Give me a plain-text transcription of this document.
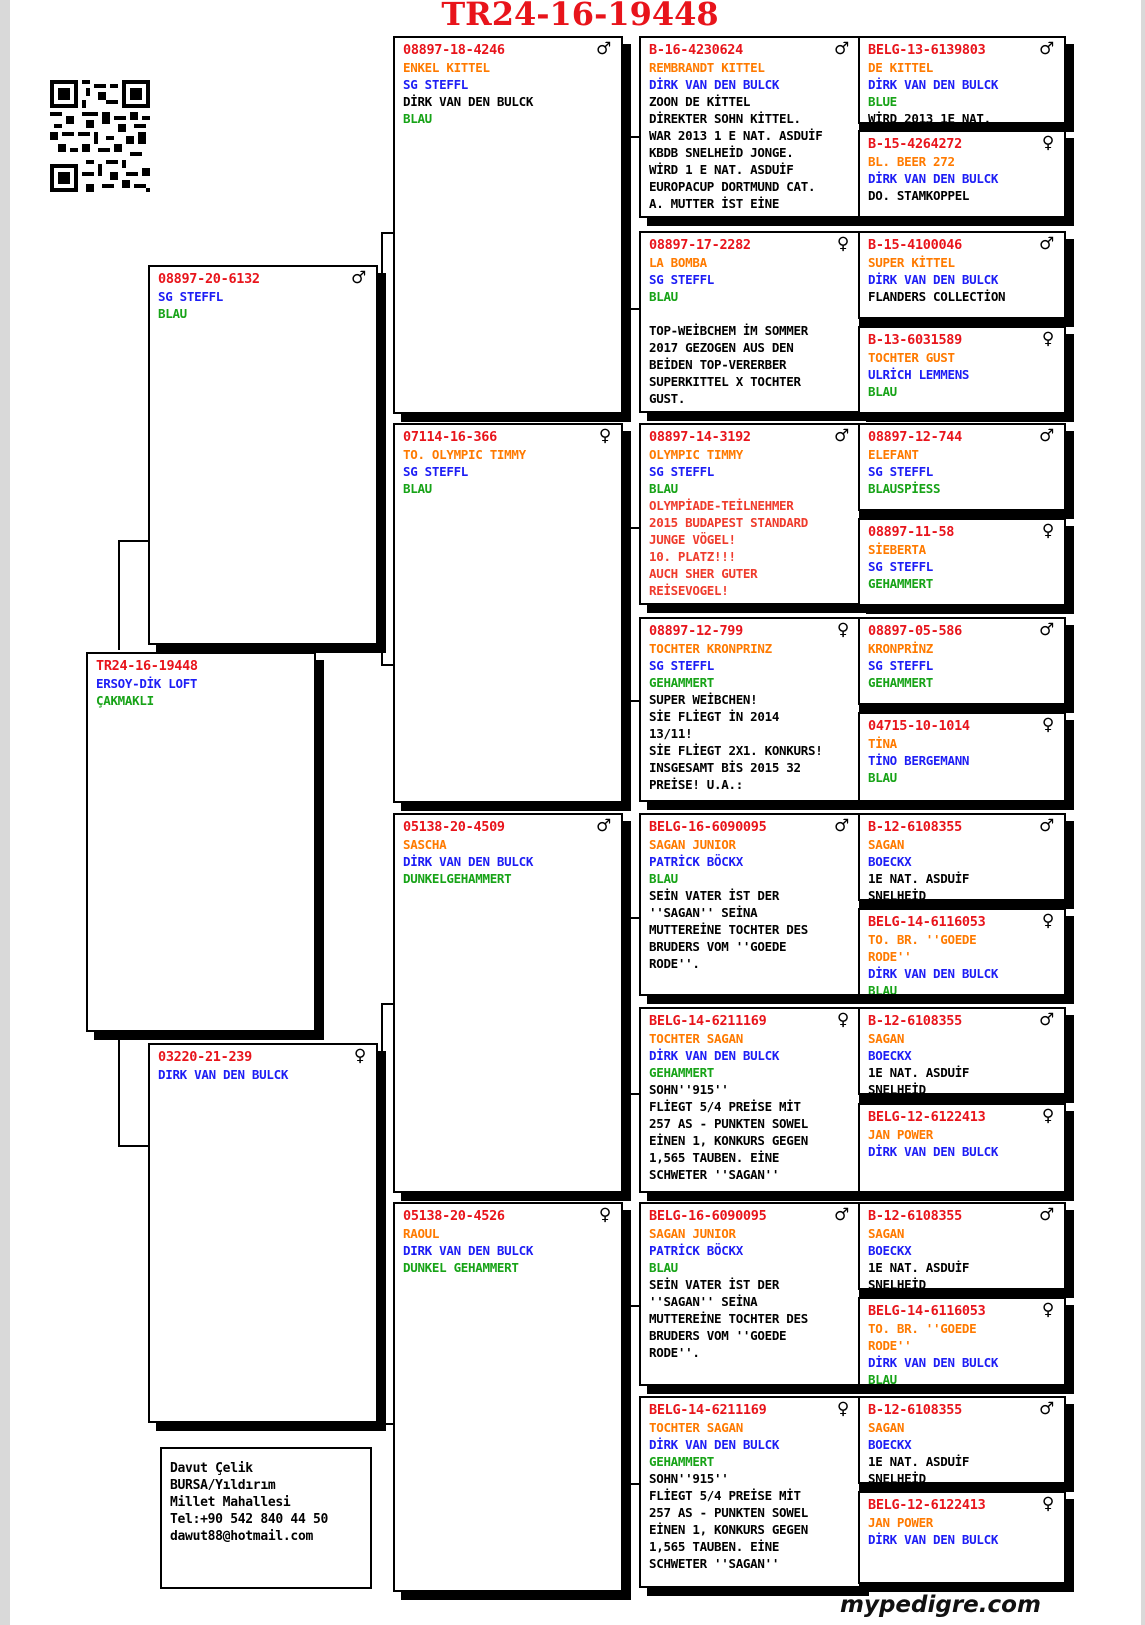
TR24-16-19448
TR24-16-19448
ERSOY-DİK LOFT
ÇAKMAKLI
♂
08897-20-6132
SG STEFFL
BLAU
♀
03220-21-239
DIRK VAN DEN BULCK
♂
08897-18-4246
ENKEL KITTEL
SG STEFFL
DİRK VAN DEN BULCK
BLAU
♀
07114-16-366
TO. OLYMPIC TIMMY
SG STEFFL
BLAU
♂
05138-20-4509
SASCHA
DİRK VAN DEN BULCK
DUNKELGEHAMMERT
♀
05138-20-4526
RAOUL
DIRK VAN DEN BULCK
DUNKEL GEHAMMERT
♂
B-16-4230624
REMBRANDT KITTEL
DİRK VAN DEN BULCK
ZOON DE KİTTEL
DİREKTER SOHN KİTTEL.
WAR 2013 1 E NAT. ASDUİF
KBDB SNELHEİD JONGE.
WİRD 1 E NAT. ASDUİF
EUROPACUP DORTMUND CAT.
A. MUTTER İST EİNE
♀
08897-17-2282
LA BOMBA
SG STEFFL
BLAU

TOP-WEİBCHEM İM SOMMER
2017 GEZOGEN AUS DEN
BEİDEN TOP-VERERBER
SUPERKITTEL X TOCHTER
GUST.
♂
08897-14-3192
OLYMPIC TIMMY
SG STEFFL
BLAU
OLYMPİADE-TEİLNEHMER
2015 BUDAPEST STANDARD
JUNGE VÖGEL!
10. PLATZ!!!
AUCH SHER GUTER
REİSEVOGEL!
♀
08897-12-799
TOCHTER KRONPRINZ
SG STEFFL
GEHAMMERT
SUPER WEİBCHEN!
SİE FLİEGT İN 2014
13/11!
SİE FLİEGT 2X1. KONKURS!
INSGESAMT BİS 2015 32
PREİSE! U.A.:
♂
BELG-16-6090095
SAGAN JUNIOR
PATRİCK BÖCKX
BLAU
SEİN VATER İST DER
''SAGAN'' SEİNA
MUTTEREİNE TOCHTER DES
BRUDERS VOM ''GOEDE
RODE''.
♀
BELG-14-6211169
TOCHTER SAGAN
DİRK VAN DEN BULCK
GEHAMMERT
SOHN''915''
FLİEGT 5/4 PREİSE MİT
257 AS - PUNKTEN SOWEL
EİNEN 1, KONKURS GEGEN
1,565 TAUBEN. EİNE
SCHWETER ''SAGAN''
♂
BELG-16-6090095
SAGAN JUNIOR
PATRİCK BÖCKX
BLAU
SEİN VATER İST DER
''SAGAN'' SEİNA
MUTTEREİNE TOCHTER DES
BRUDERS VOM ''GOEDE
RODE''.
♀
BELG-14-6211169
TOCHTER SAGAN
DİRK VAN DEN BULCK
GEHAMMERT
SOHN''915''
FLİEGT 5/4 PREİSE MİT
257 AS - PUNKTEN SOWEL
EİNEN 1, KONKURS GEGEN
1,565 TAUBEN. EİNE
SCHWETER ''SAGAN''
♂
BELG-13-6139803
DE KITTEL
DİRK VAN DEN BULCK
BLUE
WİRD 2013 1E NAT.
♀
B-15-4264272
BL. BEER 272
DİRK VAN DEN BULCK
DO. STAMKOPPEL
♂
B-15-4100046
SUPER KİTTEL
DİRK VAN DEN BULCK
FLANDERS COLLECTİON
♀
B-13-6031589
TOCHTER GUST
ULRİCH LEMMENS
BLAU
♂
08897-12-744
ELEFANT
SG STEFFL
BLAUSPİESS
♀
08897-11-58
SİEBERTA
SG STEFFL
GEHAMMERT
♂
08897-05-586
KRONPRİNZ
SG STEFFL
GEHAMMERT
♀
04715-10-1014
TİNA
TİNO BERGEMANN
BLAU
♂
B-12-6108355
SAGAN
BOECKX
1E NAT. ASDUİF
SNELHEİD
♀
BELG-14-6116053
TO. BR. ''GOEDE
RODE''
DİRK VAN DEN BULCK
BLAU
♂
B-12-6108355
SAGAN
BOECKX
1E NAT. ASDUİF
SNELHEİD
♀
BELG-12-6122413
JAN POWER
DİRK VAN DEN BULCK
♂
B-12-6108355
SAGAN
BOECKX
1E NAT. ASDUİF
SNELHEİD
♀
BELG-14-6116053
TO. BR. ''GOEDE
RODE''
DİRK VAN DEN BULCK
BLAU
♂
B-12-6108355
SAGAN
BOECKX
1E NAT. ASDUİF
SNELHEİD
♀
BELG-12-6122413
JAN POWER
DİRK VAN DEN BULCK
Davut Çelik
BURSA/Yıldırım
Millet Mahallesi
Tel:+90 542 840 44 50
dawut88@hotmail.com
mypedigre.com
